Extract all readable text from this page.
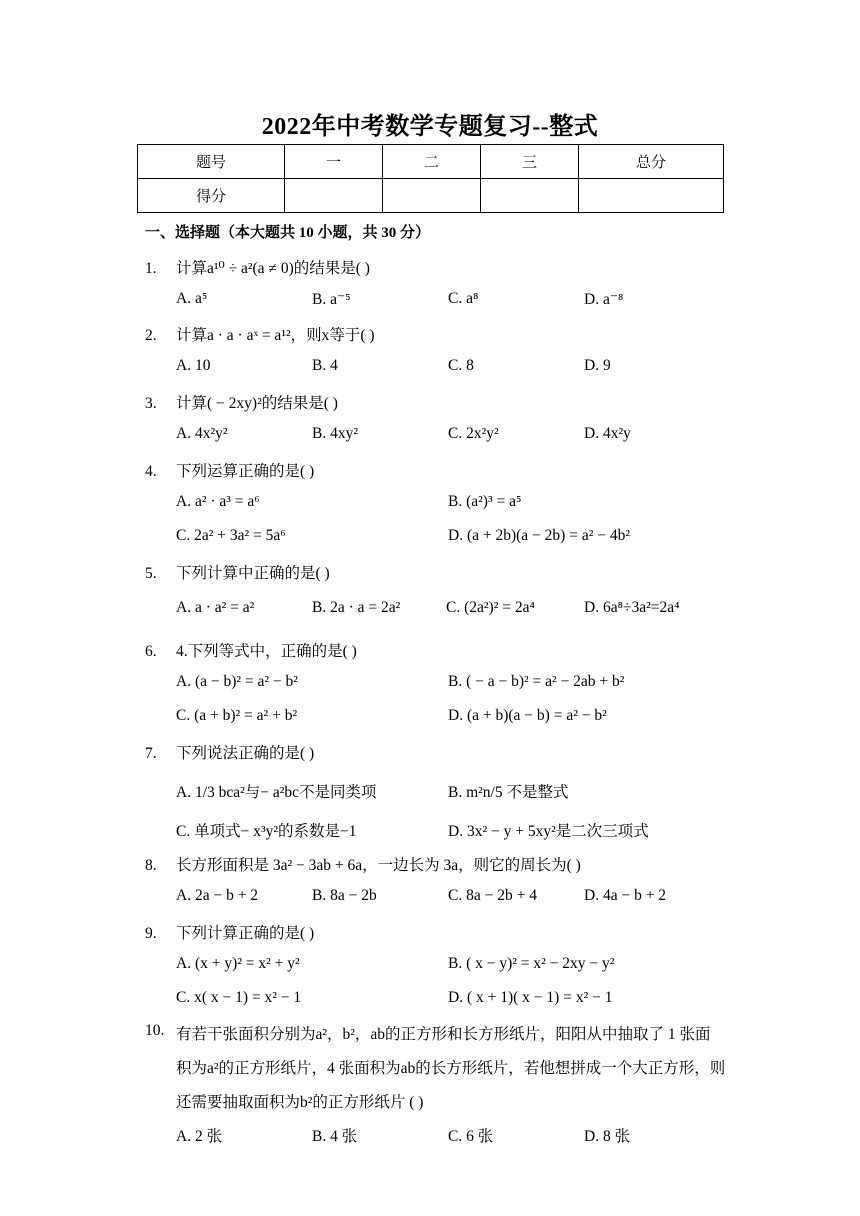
2022年中考数学专题复习--整式
题号	一	二	三	总分
得分				
一、选择题（本大题共 10 小题，共 30 分）
1. 计算a¹⁰ ÷ a²(a ≠ 0)的结果是( )
A. a⁵	B. a⁻⁵	C. a⁸	D. a⁻⁸
2. 计算a · a · aˣ = a¹²，则x等于( )
A. 10	B. 4	C. 8	D. 9
3. 计算( − 2xy)²的结果是( )
A. 4x²y²	B. 4xy²	C. 2x²y²	D. 4x²y
4. 下列运算正确的是( )
A. a² · a³ = a⁶	B. (a²)³ = a⁵
C. 2a² + 3a² = 5a⁶	D. (a + 2b)(a − 2b) = a² − 4b²
5. 下列计算中正确的是( )
A. a · a² = a²	B. 2a · a = 2a²	C. (2a²)² = 2a⁴	D. 6a⁸÷3a²=2a⁴
6. 4.下列等式中，正确的是( )
A. (a − b)² = a² − b²	B. ( − a − b)² = a² − 2ab + b²
C. (a + b)² = a² + b²	D. (a + b)(a − b) = a² − b²
7. 下列说法正确的是( )
A. 1/3 bca²与− a²bc不是同类项	B. m²n/5 不是整式
C. 单项式− x³y²的系数是−1	D. 3x² − y + 5xy²是二次三项式
8. 长方形面积是 3a² − 3ab + 6a，一边长为 3a，则它的周长为( )
A. 2a − b + 2	B. 8a − 2b	C. 8a − 2b + 4	D. 4a − b + 2
9. 下列计算正确的是( )
A. (x + y)² = x² + y²	B. ( x − y)² = x² − 2xy − y²
C. x( x − 1) = x² − 1	D. ( x + 1)( x − 1) = x² − 1
10. 有若干张面积分别为a²，b²，ab的正方形和长方形纸片，阳阳从中抽取了 1 张面
积为a²的正方形纸片，4 张面积为ab的长方形纸片，若他想拼成一个大正方形，则
还需要抽取面积为b²的正方形纸片 ( )
A. 2 张	B. 4 张	C. 6 张	D. 8 张
